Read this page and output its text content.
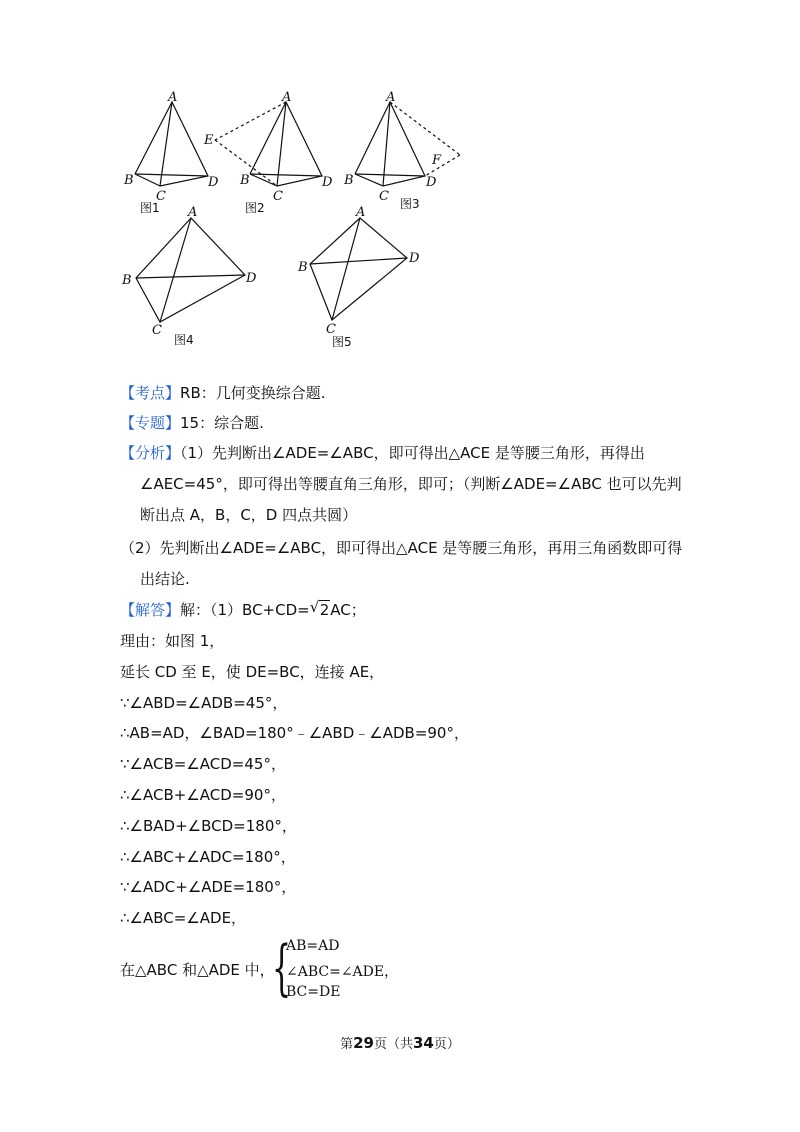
A
B
C
D
图1
A
E
B
C
D
图2
A
B
C
D
F
图3
A
B
C
D
图4
A
B
C
D
图5
【考点】RB：几何变换综合题.
【专题】15：综合题.
【分析】（1）先判断出∠ADE=∠ABC，即可得出△ACE 是等腰三角形，再得出
∠AEC=45°，即可得出等腰直角三角形，即可；（判断∠ADE=∠ABC 也可以先判
断出点 A，B，C，D 四点共圆）
（2）先判断出∠ADE=∠ABC，即可得出△ACE 是等腰三角形，再用三角函数即可得
出结论.
【解答】解：（1）BC+CD= √ 2AC；
理由：如图 1，
延长 CD 至 E，使 DE=BC，连接 AE，
∵∠ABD=∠ADB=45°，
∴AB=AD，∠BAD=180°﹣∠ABD﹣∠ADB=90°，
∵∠ACB=∠ACD=45°，
∴∠ACB+∠ACD=90°，
∴∠BAD+∠BCD=180°，
∴∠ABC+∠ADC=180°，
∵∠ADC+∠ADE=180°，
∴∠ABC=∠ADE，
在△ABC 和△ADE 中，
{
AB=AD
∠ABC=∠ADE，
BC=DE
第29页（共34页）
